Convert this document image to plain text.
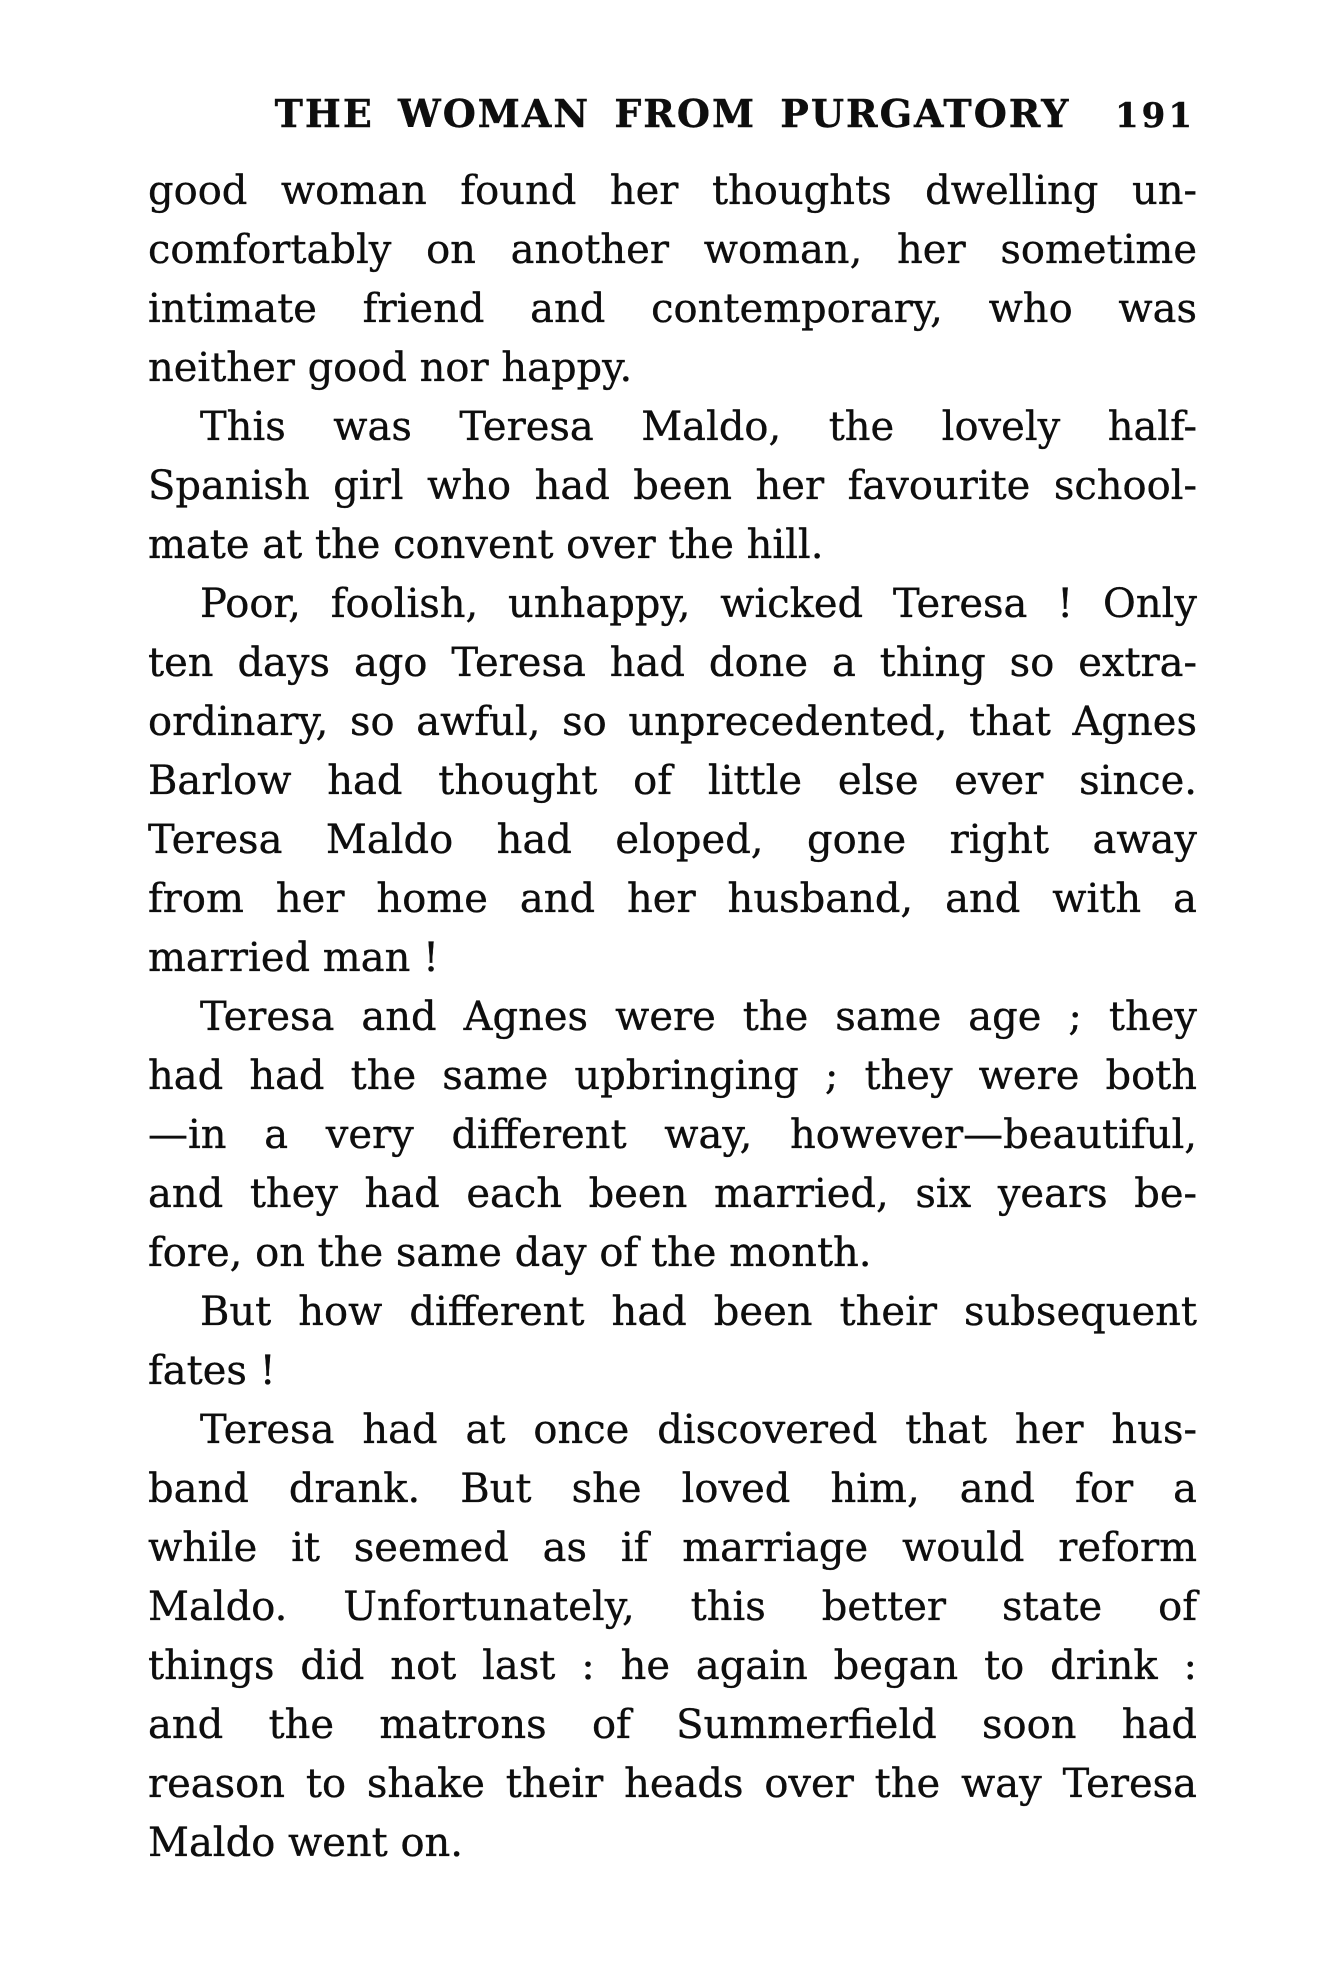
THE WOMAN FROM PURGATORY	191
good woman found her thoughts dwelling un-
comfortably on another woman, her sometime
intimate friend and contemporary, who was
neither good nor happy.
This was Teresa Maldo, the lovely half-
Spanish girl who had been her favourite school-
mate at the convent over the hill.
Poor, foolish, unhappy, wicked Teresa ! Only
ten days ago Teresa had done a thing so extra-
ordinary, so awful, so unprecedented, that Agnes
Barlow had thought of little else ever since.
Teresa Maldo had eloped, gone right away
from her home and her husband, and with a
married man !
Teresa and Agnes were the same age ; they
had had the same upbringing ; they were both
—in a very different way, however—beautiful,
and they had each been married, six years be-
fore, on the same day of the month.
But how different had been their subsequent
fates !
Teresa had at once discovered that her hus-
band drank. But she loved him, and for a
while it seemed as if marriage would reform
Maldo. Unfortunately, this better state of
things did not last : he again began to drink :
and the matrons of Summerfield soon had
reason to shake their heads over the way Teresa
Maldo went on.
